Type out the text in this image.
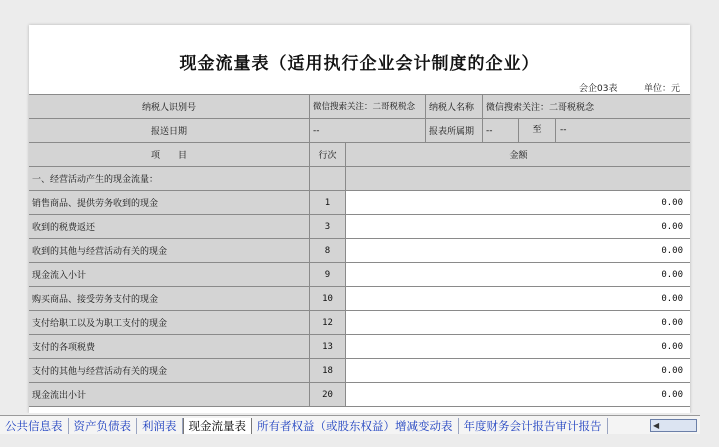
现金流量表（适用执行企业会计制度的企业）
会企03表	单位：元
纳税人识别号	微信搜索关注：二哥税税念		纳税人名称	微信搜索关注：二哥税税念	
报送日期	--		报表所属期	--	至 --
项　　目	行次	金额			
一、经营活动产生的现金流量：					
销售商品、提供劳务收到的现金	1	0.00			
收到的税费返还	3	0.00			
收到的其他与经营活动有关的现金	8	0.00			
现金流入小计	9	0.00			
购买商品、接受劳务支付的现金	10	0.00			
支付给职工以及为职工支付的现金	12	0.00			
支付的各项税费	13	0.00			
支付的其他与经营活动有关的现金	18	0.00			
现金流出小计	20	0.00			
公共信息表 资产负债表 利润表	现金流量表 所有者权益（或股东权益）增减变动表 年度财务会计报告审计报告	◀
